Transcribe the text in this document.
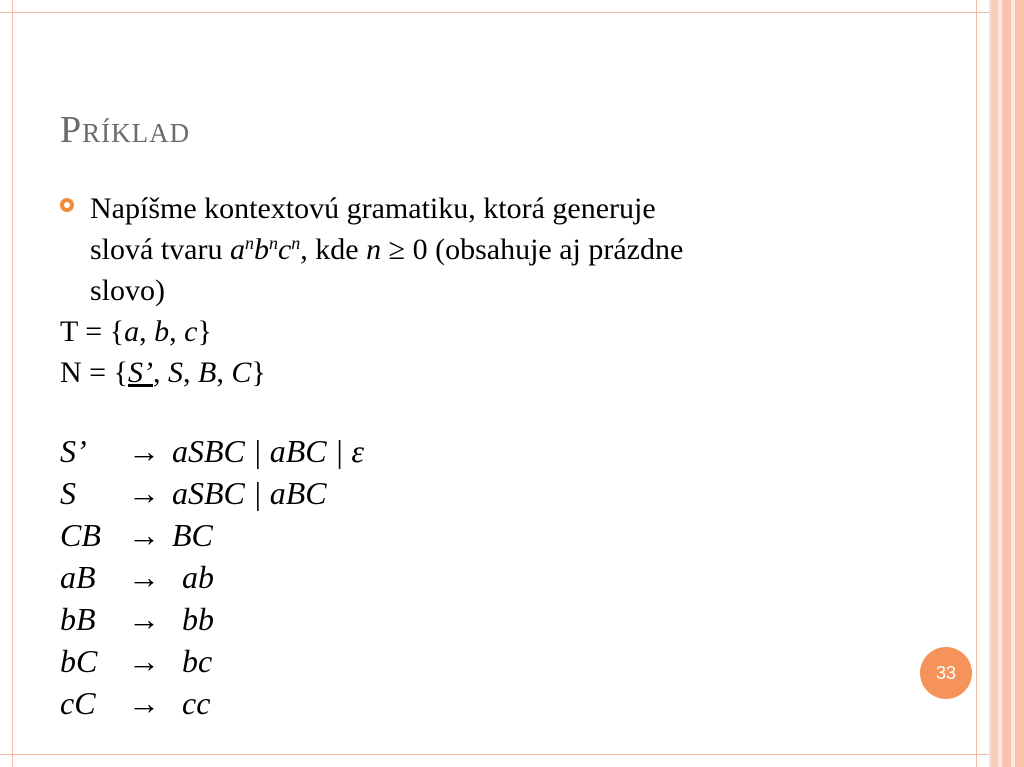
Príklad
Napíšme kontextovú gramatiku, ktorá generuje
slová tvaru $a^nb^nc^n$, kde n ≥ 0 (obsahuje aj prázdne
slovo)
T = {a, b, c}
N = {S’, S, B, C}
S’ → aSBC | aBC | ε
S → aSBC | aBC
CB → BC
aB → ab
bB → bb
bC → bc
cC → cc
33
